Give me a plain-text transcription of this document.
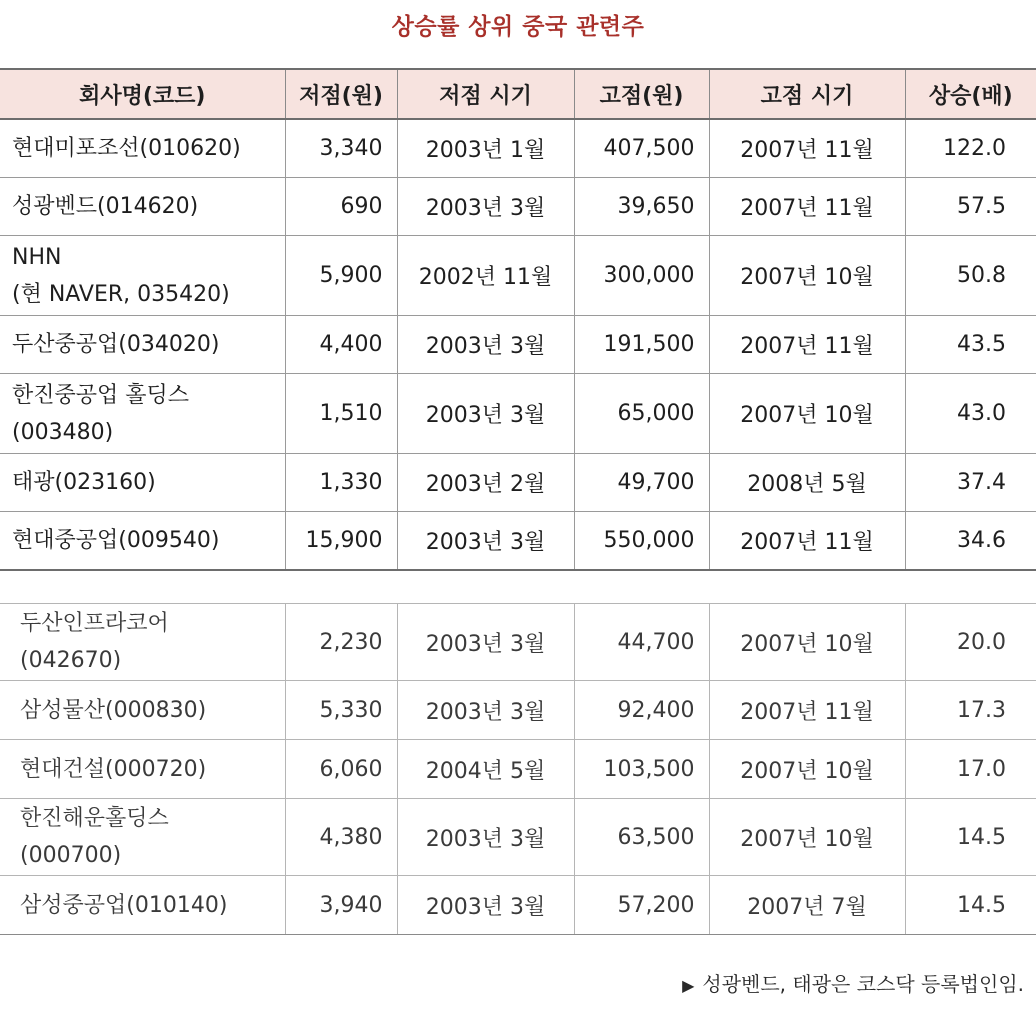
상승률 상위 중국 관련주
회사명(코드)	저점(원)	저점 시기	고점(원)	고점 시기	상승(배)
현대미포조선(010620)	3,340	2003년 1월	407,500	2007년 11월	122.0
성광벤드(014620)	690	2003년 3월	39,650	2007년 11월	57.5
NHN
(현 NAVER, 035420)	5,900	2002년 11월	300,000	2007년 10월	50.8
두산중공업(034020)	4,400	2003년 3월	191,500	2007년 11월	43.5
한진중공업 홀딩스
(003480)	1,510	2003년 3월	65,000	2007년 10월	43.0
태광(023160)	1,330	2003년 2월	49,700	2008년 5월	37.4
현대중공업(009540)	15,900	2003년 3월	550,000	2007년 11월	34.6
두산인프라코어
(042670)	2,230	2003년 3월	44,700	2007년 10월	20.0
삼성물산(000830)	5,330	2003년 3월	92,400	2007년 11월	17.3
현대건설(000720)	6,060	2004년 5월	103,500	2007년 10월	17.0
한진해운홀딩스
(000700)	4,380	2003년 3월	63,500	2007년 10월	14.5
삼성중공업(010140)	3,940	2003년 3월	57,200	2007년 7월	14.5
▶ 성광벤드, 태광은 코스닥 등록법인임.
